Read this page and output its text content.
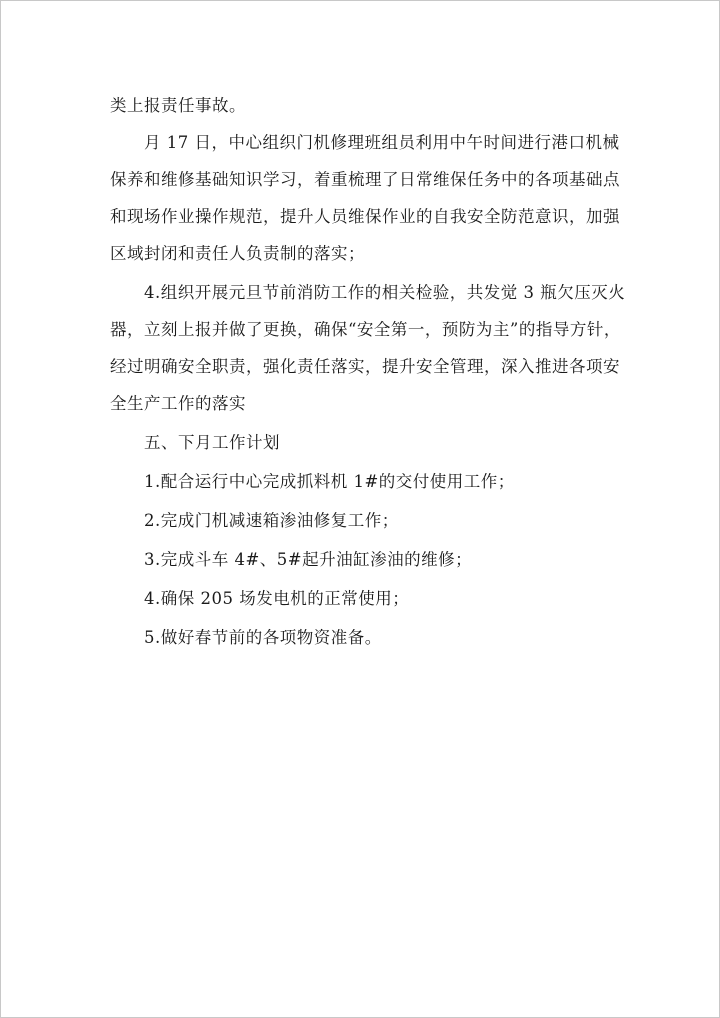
类上报责任事故。
月 17 日，中心组织门机修理班组员利用中午时间进行港口机械
保养和维修基础知识学习，着重梳理了日常维保任务中的各项基础点
和现场作业操作规范，提升人员维保作业的自我安全防范意识，加强
区域封闭和责任人负责制的落实；
4.组织开展元旦节前消防工作的相关检验，共发觉 3 瓶欠压灭火
器，立刻上报并做了更换，确保“安全第一，预防为主”的指导方针，
经过明确安全职责，强化责任落实，提升安全管理，深入推进各项安
全生产工作的落实
五、下月工作计划
1.配合运行中心完成抓料机 1#的交付使用工作；
2.完成门机减速箱渗油修复工作；
3.完成斗车 4#、5#起升油缸渗油的维修；
4.确保 205 场发电机的正常使用；
5.做好春节前的各项物资准备。
